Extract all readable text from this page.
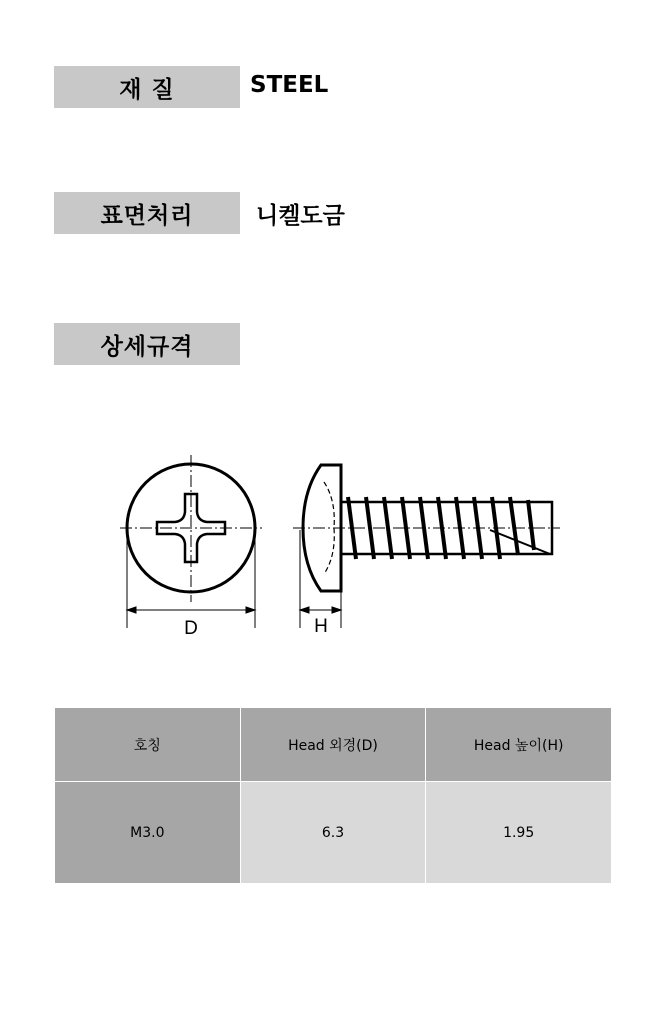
재 질	STEEL
표면처리	니켈도금
상세규격
D	H
호칭	Head 외경(D)	Head 높이(H)
M3.0	6.3	1.95
